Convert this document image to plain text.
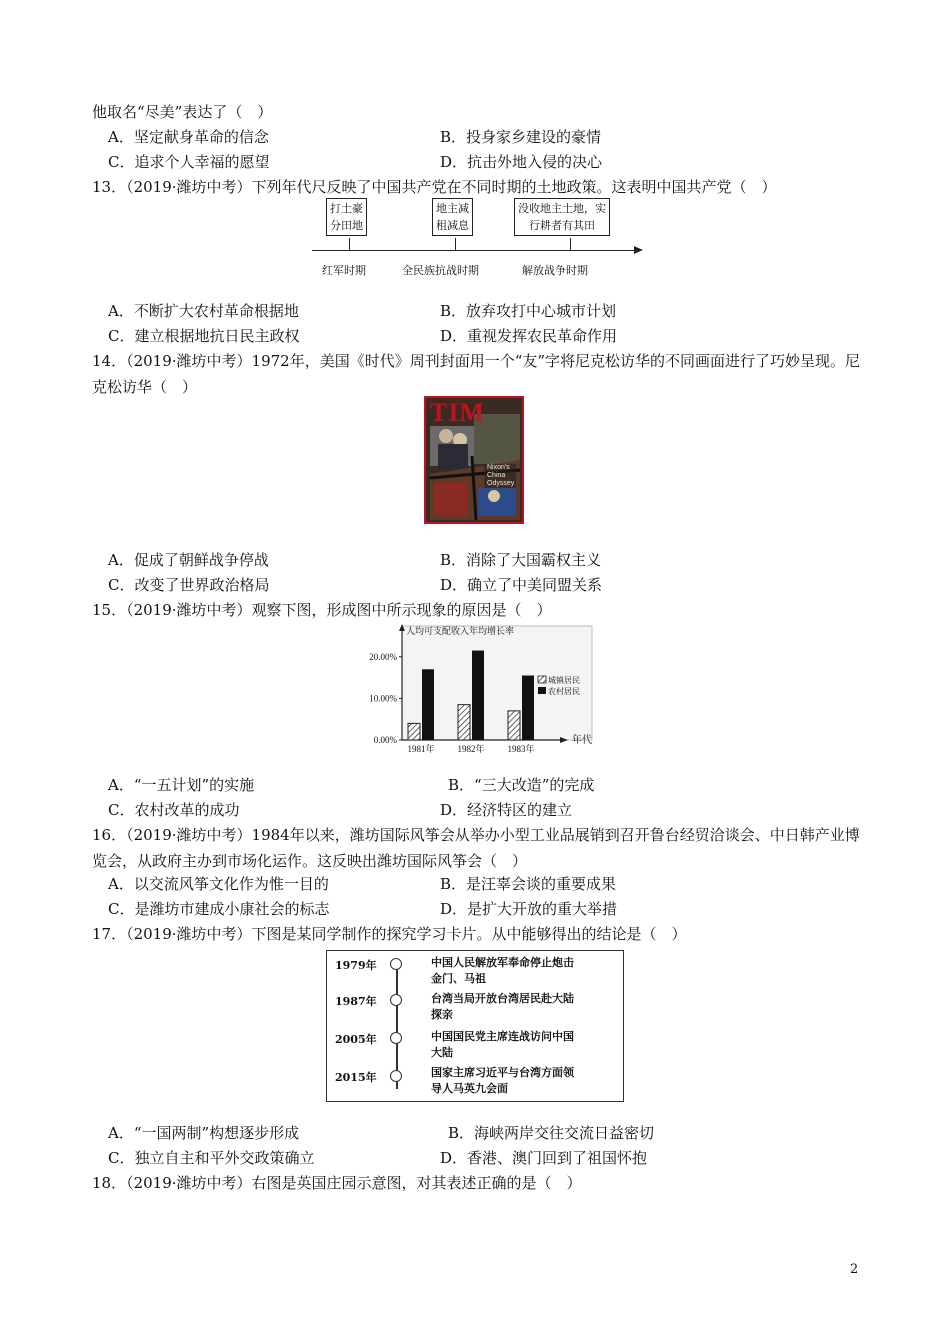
他取名“尽美”表达了（　）
A．坚定献身革命的信念	B．投身家乡建设的豪情
C．追求个人幸福的愿望	D．抗击外地入侵的决心
13．（2019·潍坊中考）下列年代尺反映了中国共产党在不同时期的土地政策。这表明中国共产党（　）
打土豪
分田地
地主减
租减息
没收地主土地，实
行耕者有其田
红军时期	全民族抗战时期	解放战争时期
A．不断扩大农村革命根据地	B．放弃攻打中心城市计划
C．建立根据地抗日民主政权	D．重视发挥农民革命作用
14．（2019·潍坊中考）1972年，美国《时代》周刊封面用一个“友”字将尼克松访华的不同画面进行了巧妙呈现。尼克松访华（　）
TIM
Nixon's China Odyssey
A．促成了朝鲜战争停战	B．消除了大国霸权主义
C．改变了世界政治格局	D．确立了中美同盟关系
15．（2019·潍坊中考）观察下图，形成图中所示现象的原因是（　）
人均可支配收入年均增长率
年代
0.00%
10.00%
20.00%
1981年	1982年	1983年
城镇居民
农村居民
A．“一五计划”的实施	B．“三大改造”的完成
C．农村改革的成功	D．经济特区的建立
16．（2019·潍坊中考）1984年以来，潍坊国际风筝会从举办小型工业品展销到召开鲁台经贸洽谈会、中日韩产业博览会，从政府主办到市场化运作。这反映出潍坊国际风筝会（　）
A．以交流风筝文化作为惟一目的	B．是汪辜会谈的重要成果
C．是潍坊市建成小康社会的标志	D．是扩大开放的重大举措
17．（2019·潍坊中考）下图是某同学制作的探究学习卡片。从中能够得出的结论是（　）
1979年	中国人民解放军奉命停止炮击
金门、马祖
1987年	台湾当局开放台湾居民赴大陆
探亲
2005年	中国国民党主席连战访问中国
大陆
2015年	国家主席习近平与台湾方面领
导人马英九会面
A．“一国两制”构想逐步形成	B．海峡两岸交往交流日益密切
C．独立自主和平外交政策确立	D．香港、澳门回到了祖国怀抱
18．（2019·潍坊中考）右图是英国庄园示意图，对其表述正确的是（　）
2
